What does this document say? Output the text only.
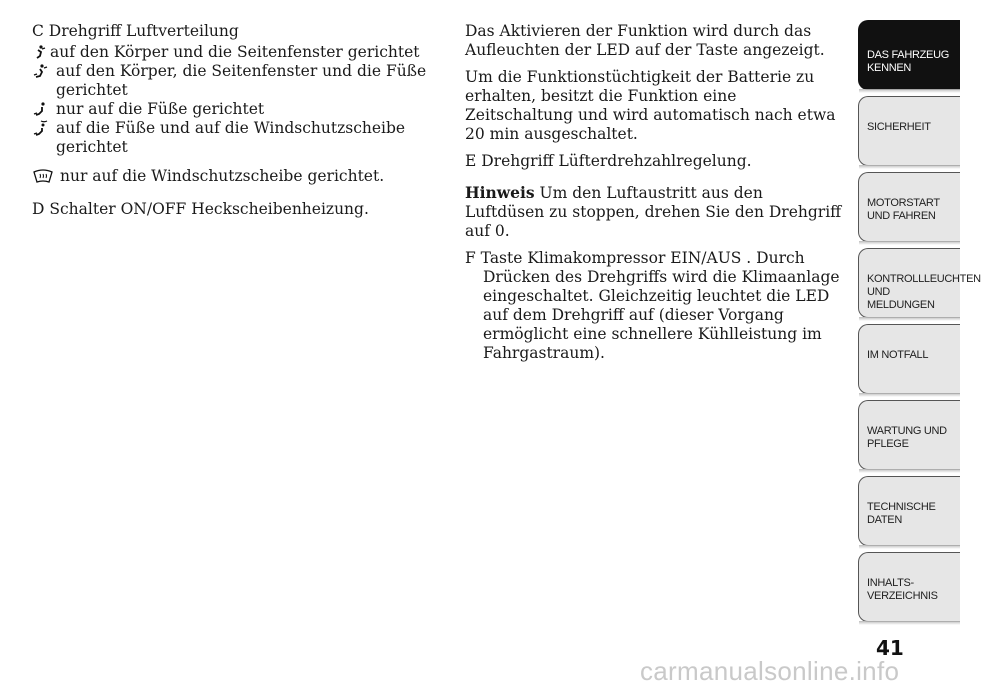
C Drehgriff Luftverteilung

auf den Körper und die Seitenfenster gerichtet
auf den Körper, die Seitenfenster und die Füße gerichtet
nur auf die Füße gerichtet
auf die Füße und auf die Windschutzscheibe gerichtet
nur auf die Windschutzscheibe gerichtet.

D Schalter ON/OFF Heckscheibenheizung.

Das Aktivieren der Funktion wird durch das Aufleuchten der LED auf der Taste angezeigt.

Um die Funktionstüchtigkeit der Batterie zu erhalten, besitzt die Funktion eine Zeitschaltung und wird automatisch nach etwa 20 min ausgeschaltet.

E Drehgriff Lüfterdrehzahlregelung.

Hinweis Um den Luftaustritt aus den Luftdüsen zu stoppen, drehen Sie den Drehgriff auf 0.

F Taste Klimakompressor EIN/AUS . Durch Drücken des Drehgriffs wird die Klimaanlage eingeschaltet. Gleichzeitig leuchtet die LED auf dem Drehgriff auf (dieser Vorgang ermöglicht eine schnellere Kühlleistung im Fahrgastraum).

DAS FAHRZEUG KENNEN
SICHERHEIT
MOTORSTART UND FAHREN
KONTROLLLEUCHTEN UND MELDUNGEN
IM NOTFALL
WARTUNG UND PFLEGE
TECHNISCHE DATEN
INHALTS-VERZEICHNIS
41
carmanualsonline.info
